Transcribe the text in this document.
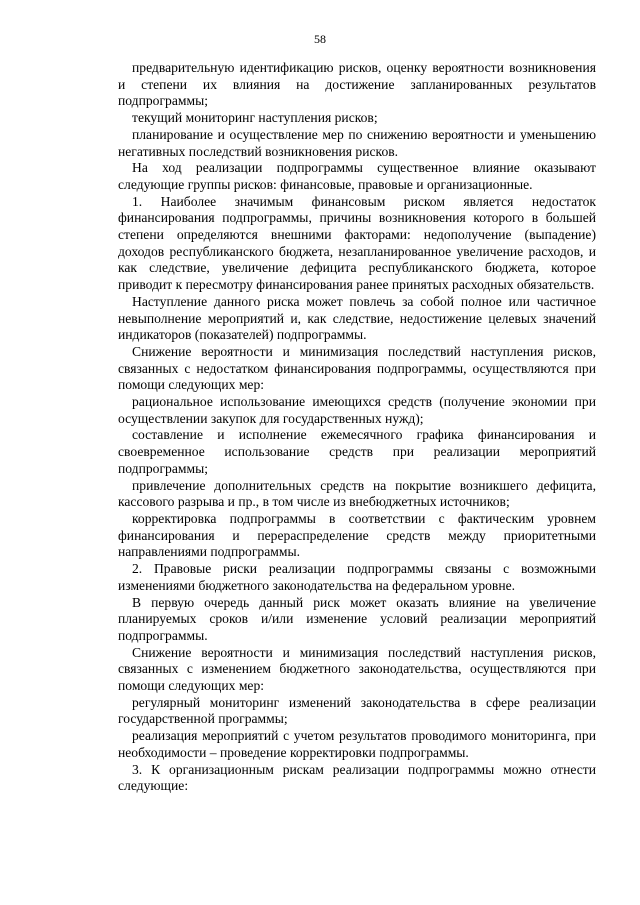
58

предварительную идентификацию рисков, оценку вероятности возникновения и степени их влияния на достижение запланированных результатов подпрограммы;

текущий мониторинг наступления рисков;

планирование и осуществление мер по снижению вероятности и уменьшению негативных последствий возникновения рисков.

На ход реализации подпрограммы существенное влияние оказывают следующие группы рисков: финансовые, правовые и организационные.

1. Наиболее значимым финансовым риском является недостаток финансирования подпрограммы, причины возникновения которого в большей степени определяются внешними факторами: недополучение (выпадение) доходов республиканского бюджета, незапланированное увеличение расходов, и как следствие, увеличение дефицита республиканского бюджета, которое приводит к пересмотру финансирования ранее принятых расходных обязательств.

Наступление данного риска может повлечь за собой полное или частичное невыполнение мероприятий и, как следствие, недостижение целевых значений индикаторов (показателей) подпрограммы.

Снижение вероятности и минимизация последствий наступления рисков, связанных с недостатком финансирования подпрограммы, осуществляются при помощи следующих мер:

рациональное использование имеющихся средств (получение экономии при осуществлении закупок для государственных нужд);

составление и исполнение ежемесячного графика финансирования и своевременное использование средств при реализации мероприятий подпрограммы;

привлечение дополнительных средств на покрытие возникшего дефицита, кассового разрыва и пр., в том числе из внебюджетных источников;

корректировка подпрограммы в соответствии с фактическим уровнем финансирования и перераспределение средств между приоритетными направлениями подпрограммы.

2. Правовые риски реализации подпрограммы связаны с возможными изменениями бюджетного законодательства на федеральном уровне.

В первую очередь данный риск может оказать влияние на увеличение планируемых сроков и/или изменение условий реализации мероприятий подпрограммы.

Снижение вероятности и минимизация последствий наступления рисков, связанных с изменением бюджетного законодательства, осуществляются при помощи следующих мер:

регулярный мониторинг изменений законодательства в сфере реализации государственной программы;

реализация мероприятий с учетом результатов проводимого мониторинга, при необходимости – проведение корректировки подпрограммы.

3. К организационным рискам реализации подпрограммы можно отнести следующие:
